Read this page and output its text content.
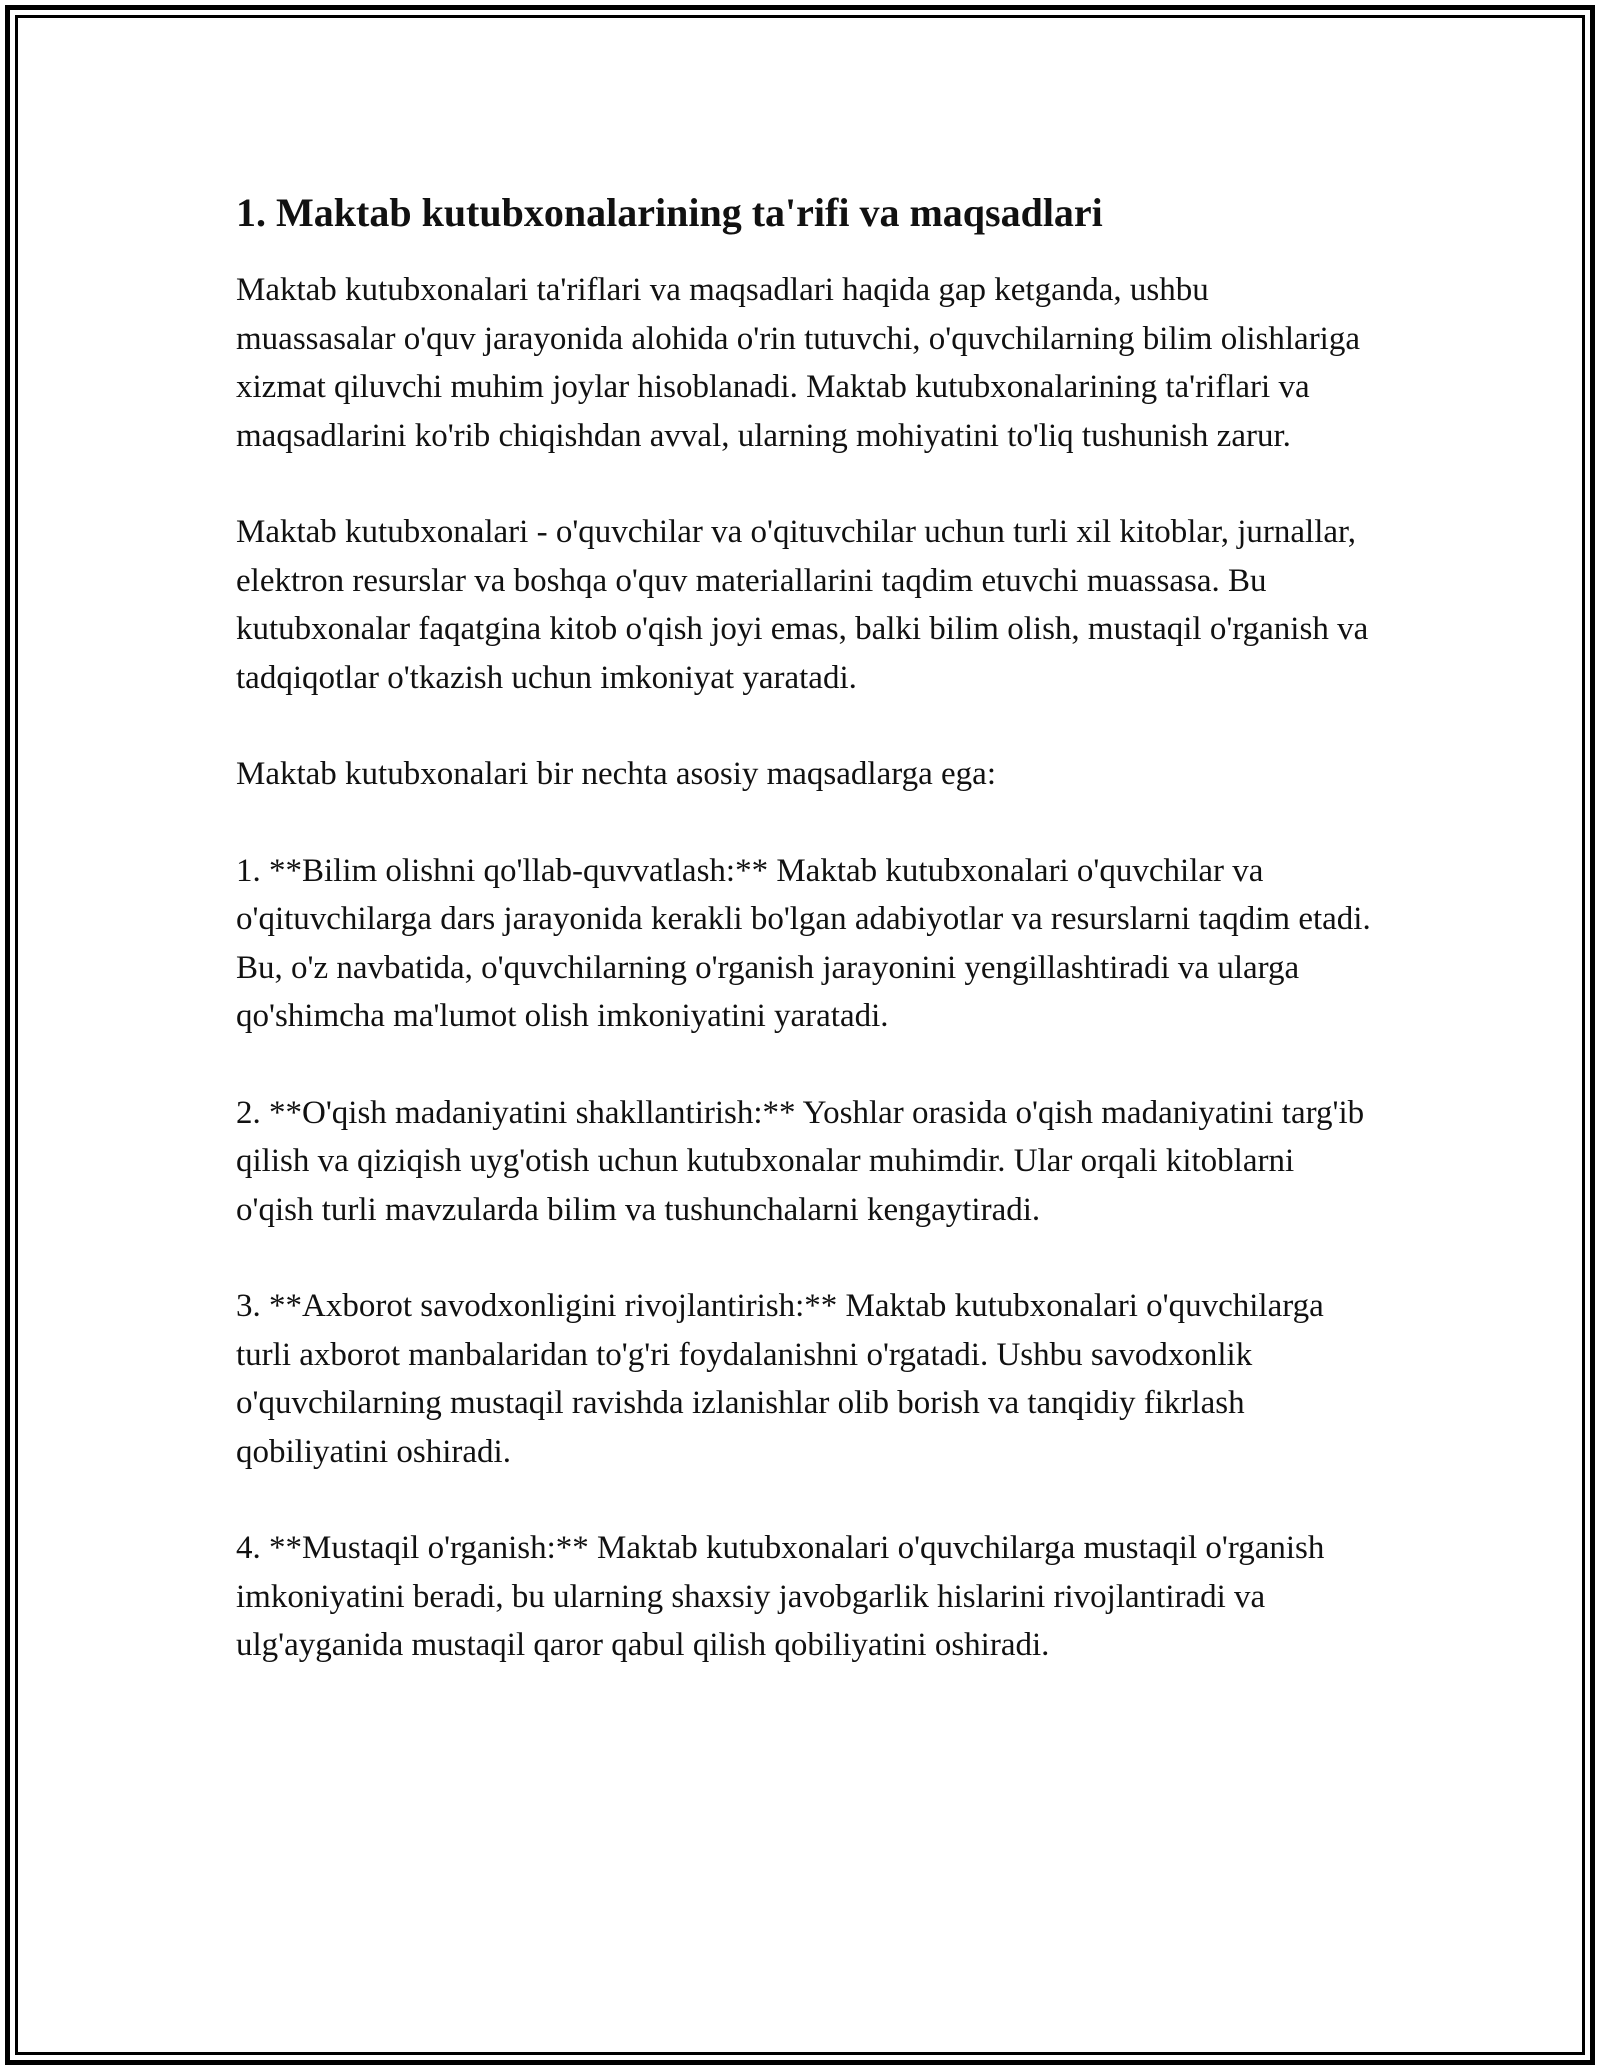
1. Maktab kutubxonalarining ta'rifi va maqsadlari

Maktab kutubxonalari ta'riflari va maqsadlari haqida gap ketganda, ushbu muassasalar o'quv jarayonida alohida o'rin tutuvchi, o'quvchilarning bilim olishlariga xizmat qiluvchi muhim joylar hisoblanadi. Maktab kutubxonalarining ta'riflari va maqsadlarini ko'rib chiqishdan avval, ularning mohiyatini to'liq tushunish zarur.

Maktab kutubxonalari - o'quvchilar va o'qituvchilar uchun turli xil kitoblar, jurnallar, elektron resurslar va boshqa o'quv materiallarini taqdim etuvchi muassasa. Bu kutubxonalar faqatgina kitob o'qish joyi emas, balki bilim olish, mustaqil o'rganish va tadqiqotlar o'tkazish uchun imkoniyat yaratadi.

Maktab kutubxonalari bir nechta asosiy maqsadlarga ega:

1. **Bilim olishni qo'llab-quvvatlash:** Maktab kutubxonalari o'quvchilar va o'qituvchilarga dars jarayonida kerakli bo'lgan adabiyotlar va resurslarni taqdim etadi. Bu, o'z navbatida, o'quvchilarning o'rganish jarayonini yengillashtiradi va ularga qo'shimcha ma'lumot olish imkoniyatini yaratadi.

2. **O'qish madaniyatini shakllantirish:** Yoshlar orasida o'qish madaniyatini targ'ib qilish va qiziqish uyg'otish uchun kutubxonalar muhimdir. Ular orqali kitoblarni o'qish turli mavzularda bilim va tushunchalarni kengaytiradi.

3. **Axborot savodxonligini rivojlantirish:** Maktab kutubxonalari o'quvchilarga turli axborot manbalaridan to'g'ri foydalanishni o'rgatadi. Ushbu savodxonlik o'quvchilarning mustaqil ravishda izlanishlar olib borish va tanqidiy fikrlash qobiliyatini oshiradi.

4. **Mustaqil o'rganish:** Maktab kutubxonalari o'quvchilarga mustaqil o'rganish imkoniyatini beradi, bu ularning shaxsiy javobgarlik hislarini rivojlantiradi va ulg'ayganida mustaqil qaror qabul qilish qobiliyatini oshiradi.
